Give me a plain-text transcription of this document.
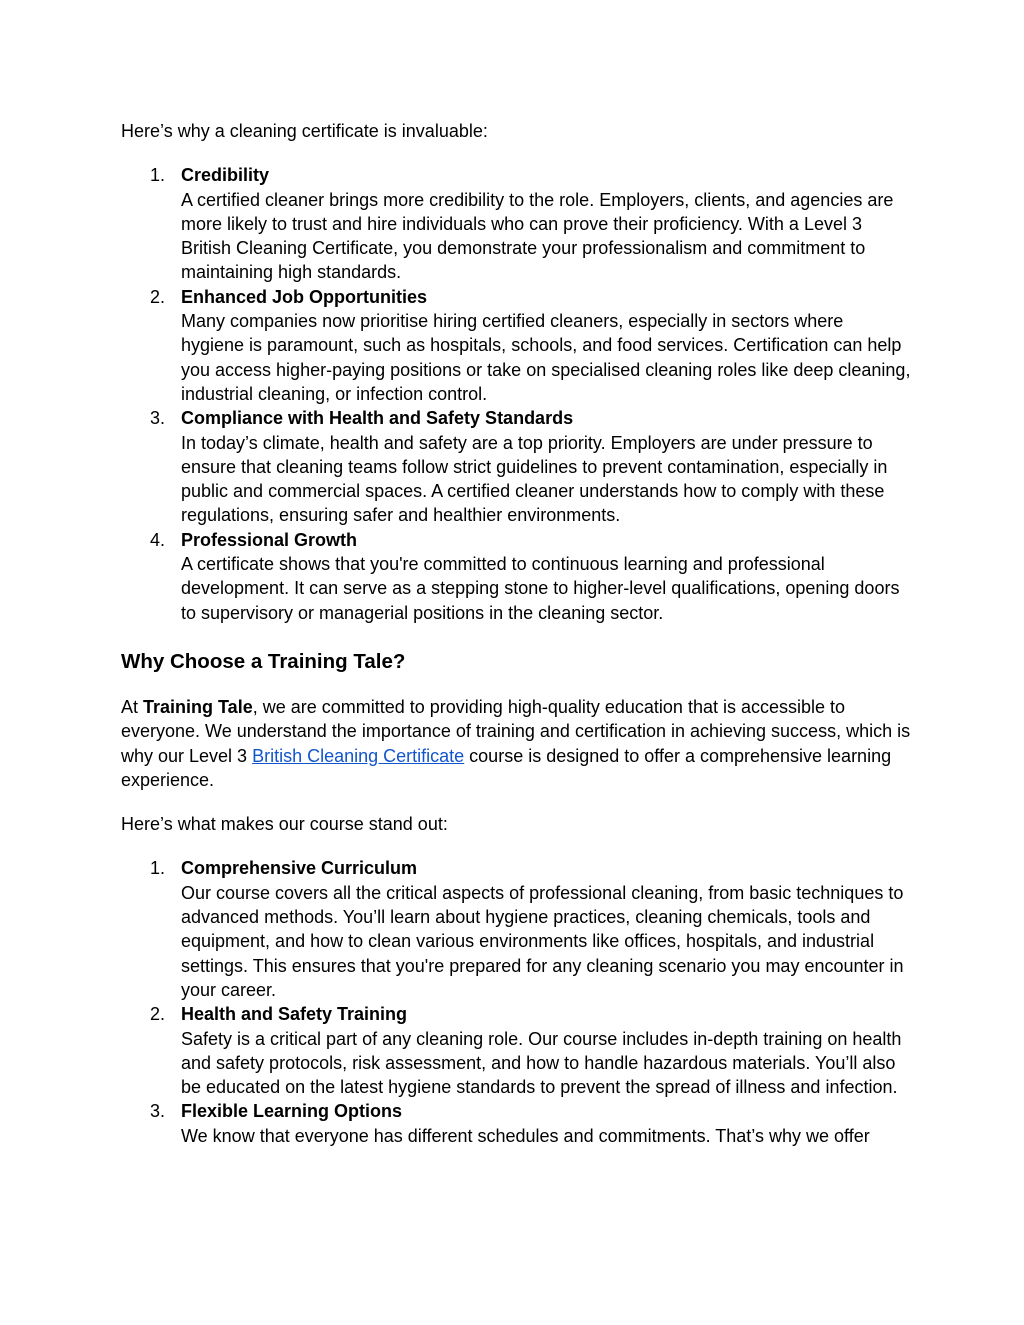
Here’s why a cleaning certificate is invaluable:

1. Credibility
A certified cleaner brings more credibility to the role. Employers, clients, and agencies are more likely to trust and hire individuals who can prove their proficiency. With a Level 3 British Cleaning Certificate, you demonstrate your professionalism and commitment to maintaining high standards.
2. Enhanced Job Opportunities
Many companies now prioritise hiring certified cleaners, especially in sectors where hygiene is paramount, such as hospitals, schools, and food services. Certification can help you access higher-paying positions or take on specialised cleaning roles like deep cleaning, industrial cleaning, or infection control.
3. Compliance with Health and Safety Standards
In today’s climate, health and safety are a top priority. Employers are under pressure to ensure that cleaning teams follow strict guidelines to prevent contamination, especially in public and commercial spaces. A certified cleaner understands how to comply with these regulations, ensuring safer and healthier environments.
4. Professional Growth
A certificate shows that you're committed to continuous learning and professional development. It can serve as a stepping stone to higher-level qualifications, opening doors to supervisory or managerial positions in the cleaning sector.

Why Choose a Training Tale?

At Training Tale, we are committed to providing high-quality education that is accessible to everyone. We understand the importance of training and certification in achieving success, which is why our Level 3 British Cleaning Certificate course is designed to offer a comprehensive learning experience.

Here’s what makes our course stand out:

1. Comprehensive Curriculum
Our course covers all the critical aspects of professional cleaning, from basic techniques to advanced methods. You’ll learn about hygiene practices, cleaning chemicals, tools and equipment, and how to clean various environments like offices, hospitals, and industrial settings. This ensures that you're prepared for any cleaning scenario you may encounter in your career.
2. Health and Safety Training
Safety is a critical part of any cleaning role. Our course includes in-depth training on health and safety protocols, risk assessment, and how to handle hazardous materials. You’ll also be educated on the latest hygiene standards to prevent the spread of illness and infection.
3. Flexible Learning Options
We know that everyone has different schedules and commitments. That’s why we offer
